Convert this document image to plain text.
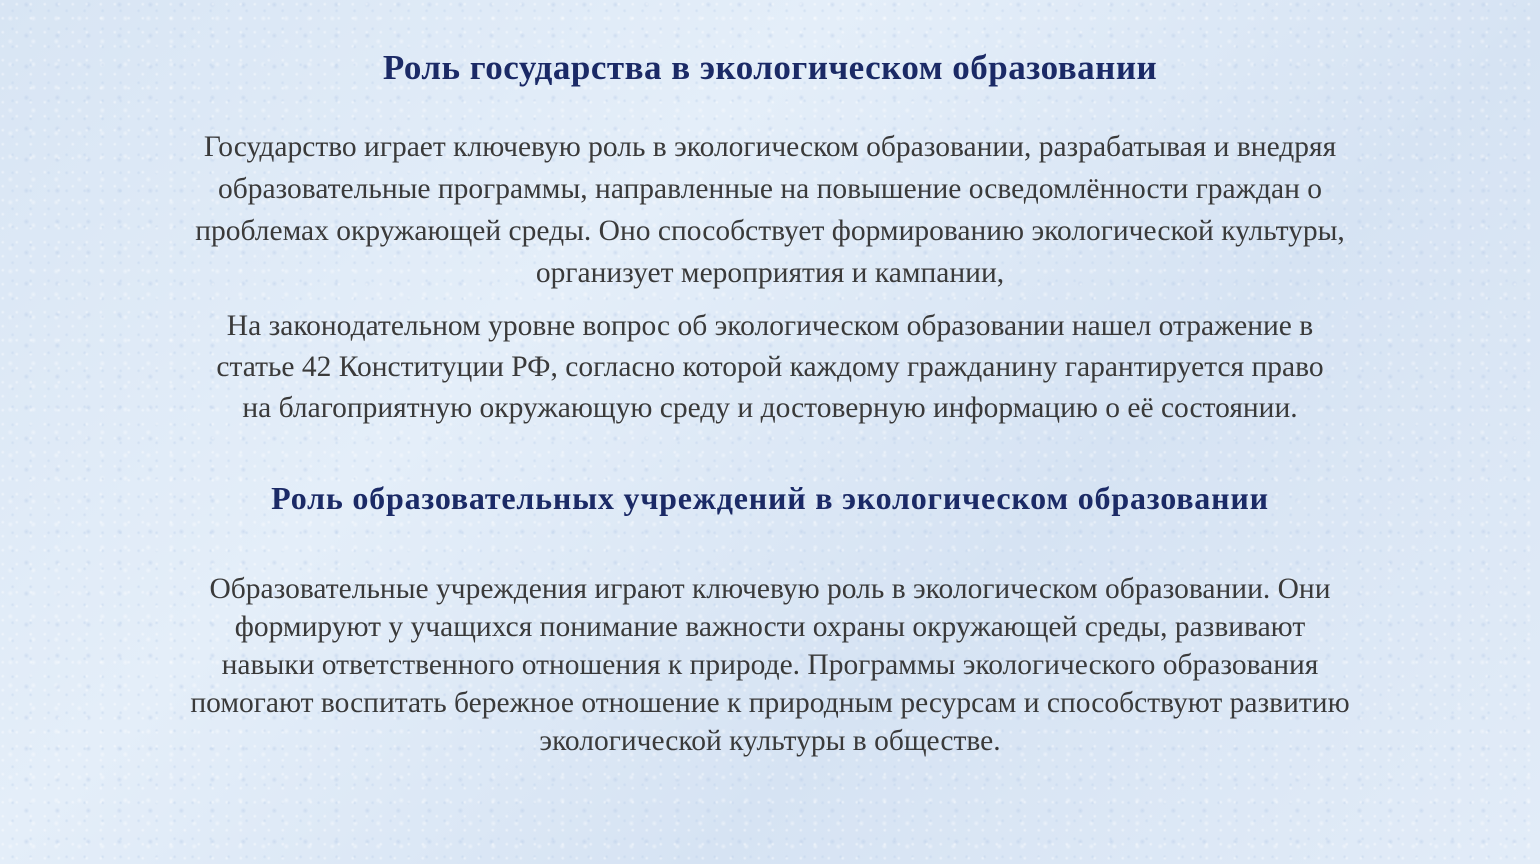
Роль государства в экологическом образовании

Государство играет ключевую роль в экологическом образовании, разрабатывая и внедряя
образовательные программы, направленные на повышение осведомлённости граждан о
проблемах окружающей среды. Оно способствует формированию экологической культуры,
организует мероприятия и кампании,

На законодательном уровне вопрос об экологическом образовании нашел отражение в
статье 42 Конституции РФ, согласно которой каждому гражданину гарантируется право
на благоприятную окружающую среду и достоверную информацию о её состоянии.

Роль образовательных учреждений в экологическом образовании

Образовательные учреждения играют ключевую роль в экологическом образовании. Они
формируют у учащихся понимание важности охраны окружающей среды, развивают
навыки ответственного отношения к природе. Программы экологического образования
помогают воспитать бережное отношение к природным ресурсам и способствуют развитию
экологической культуры в обществе.
